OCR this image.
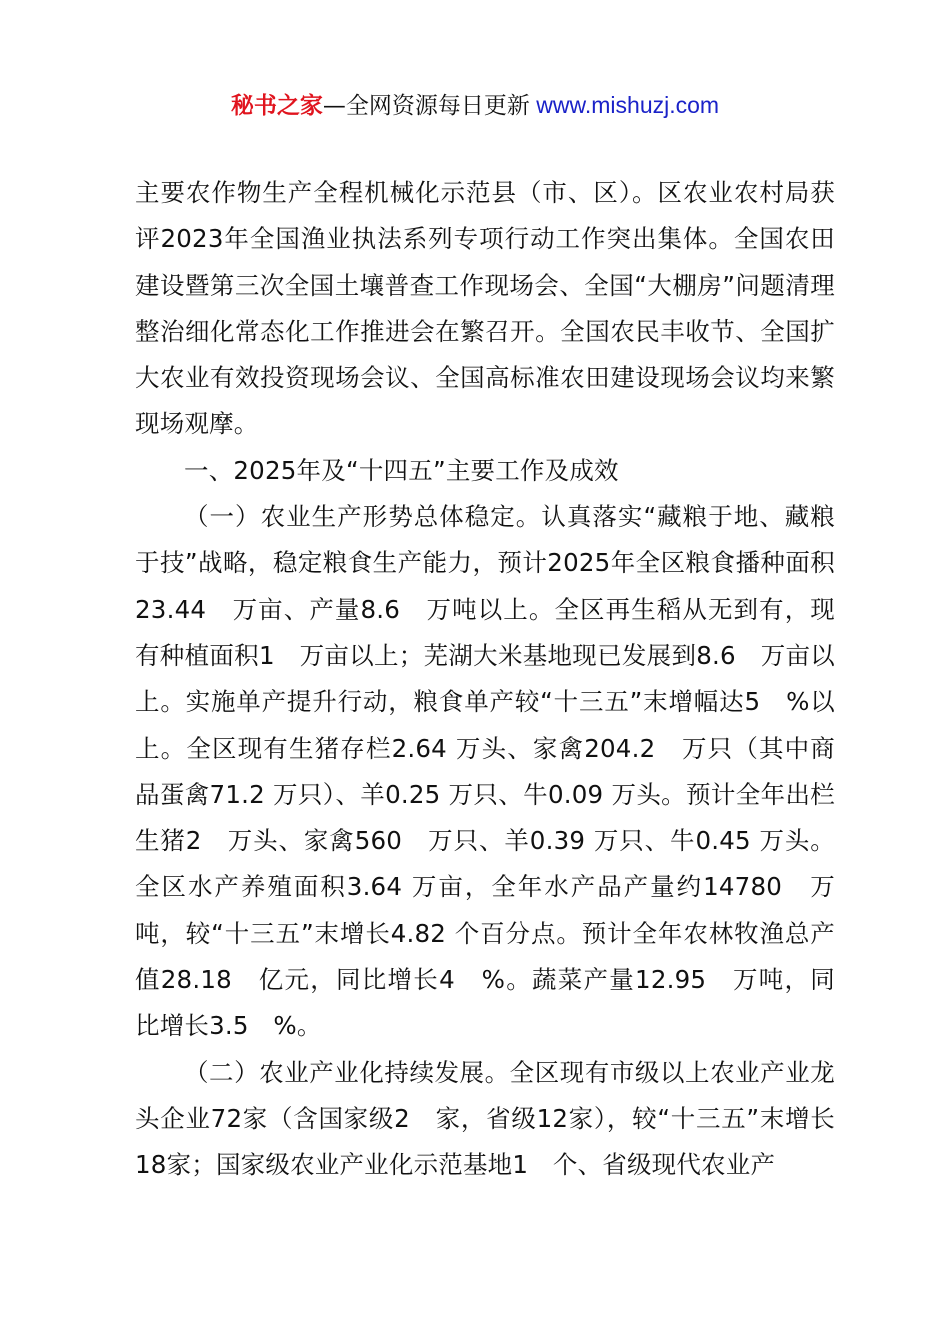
秘书之家—全网资源每日更新 www.mishuzj.com

主要农作物生产全程机械化示范县（市、区）。区农业农村局获评2023年全国渔业执法系列专项行动工作突出集体。全国农田建设暨第三次全国土壤普查工作现场会、全国“大棚房”问题清理整治细化常态化工作推进会在繁召开。全国农民丰收节、全国扩大农业有效投资现场会议、全国高标准农田建设现场会议均来繁现场观摩。

一、2025年及“十四五”主要工作及成效

（一）农业生产形势总体稳定。认真落实“藏粮于地、藏粮于技”战略，稳定粮食生产能力，预计2025年全区粮食播种面积23.44　万亩、产量8.6　万吨以上。全区再生稻从无到有，现有种植面积1　万亩以上；芜湖大米基地现已发展到8.6　万亩以上。实施单产提升行动，粮食单产较“十三五”末增幅达5　%以上。全区现有生猪存栏2.64 万头、家禽204.2　万只（其中商品蛋禽71.2 万只）、羊0.25 万只、牛0.09 万头。预计全年出栏生猪2　万头、家禽560　万只、羊0.39 万只、牛0.45 万头。全区水产养殖面积3.64 万亩，全年水产品产量约14780　万吨，较“十三五”末增长4.82 个百分点。预计全年农林牧渔总产值28.18　亿元，同比增长4　%。蔬菜产量12.95　万吨，同比增长3.5　%。

（二）农业产业化持续发展。全区现有市级以上农业产业龙头企业72家（含国家级2　家，省级12家），较“十三五”末增长18家；国家级农业产业化示范基地1　个、省级现代农业产
